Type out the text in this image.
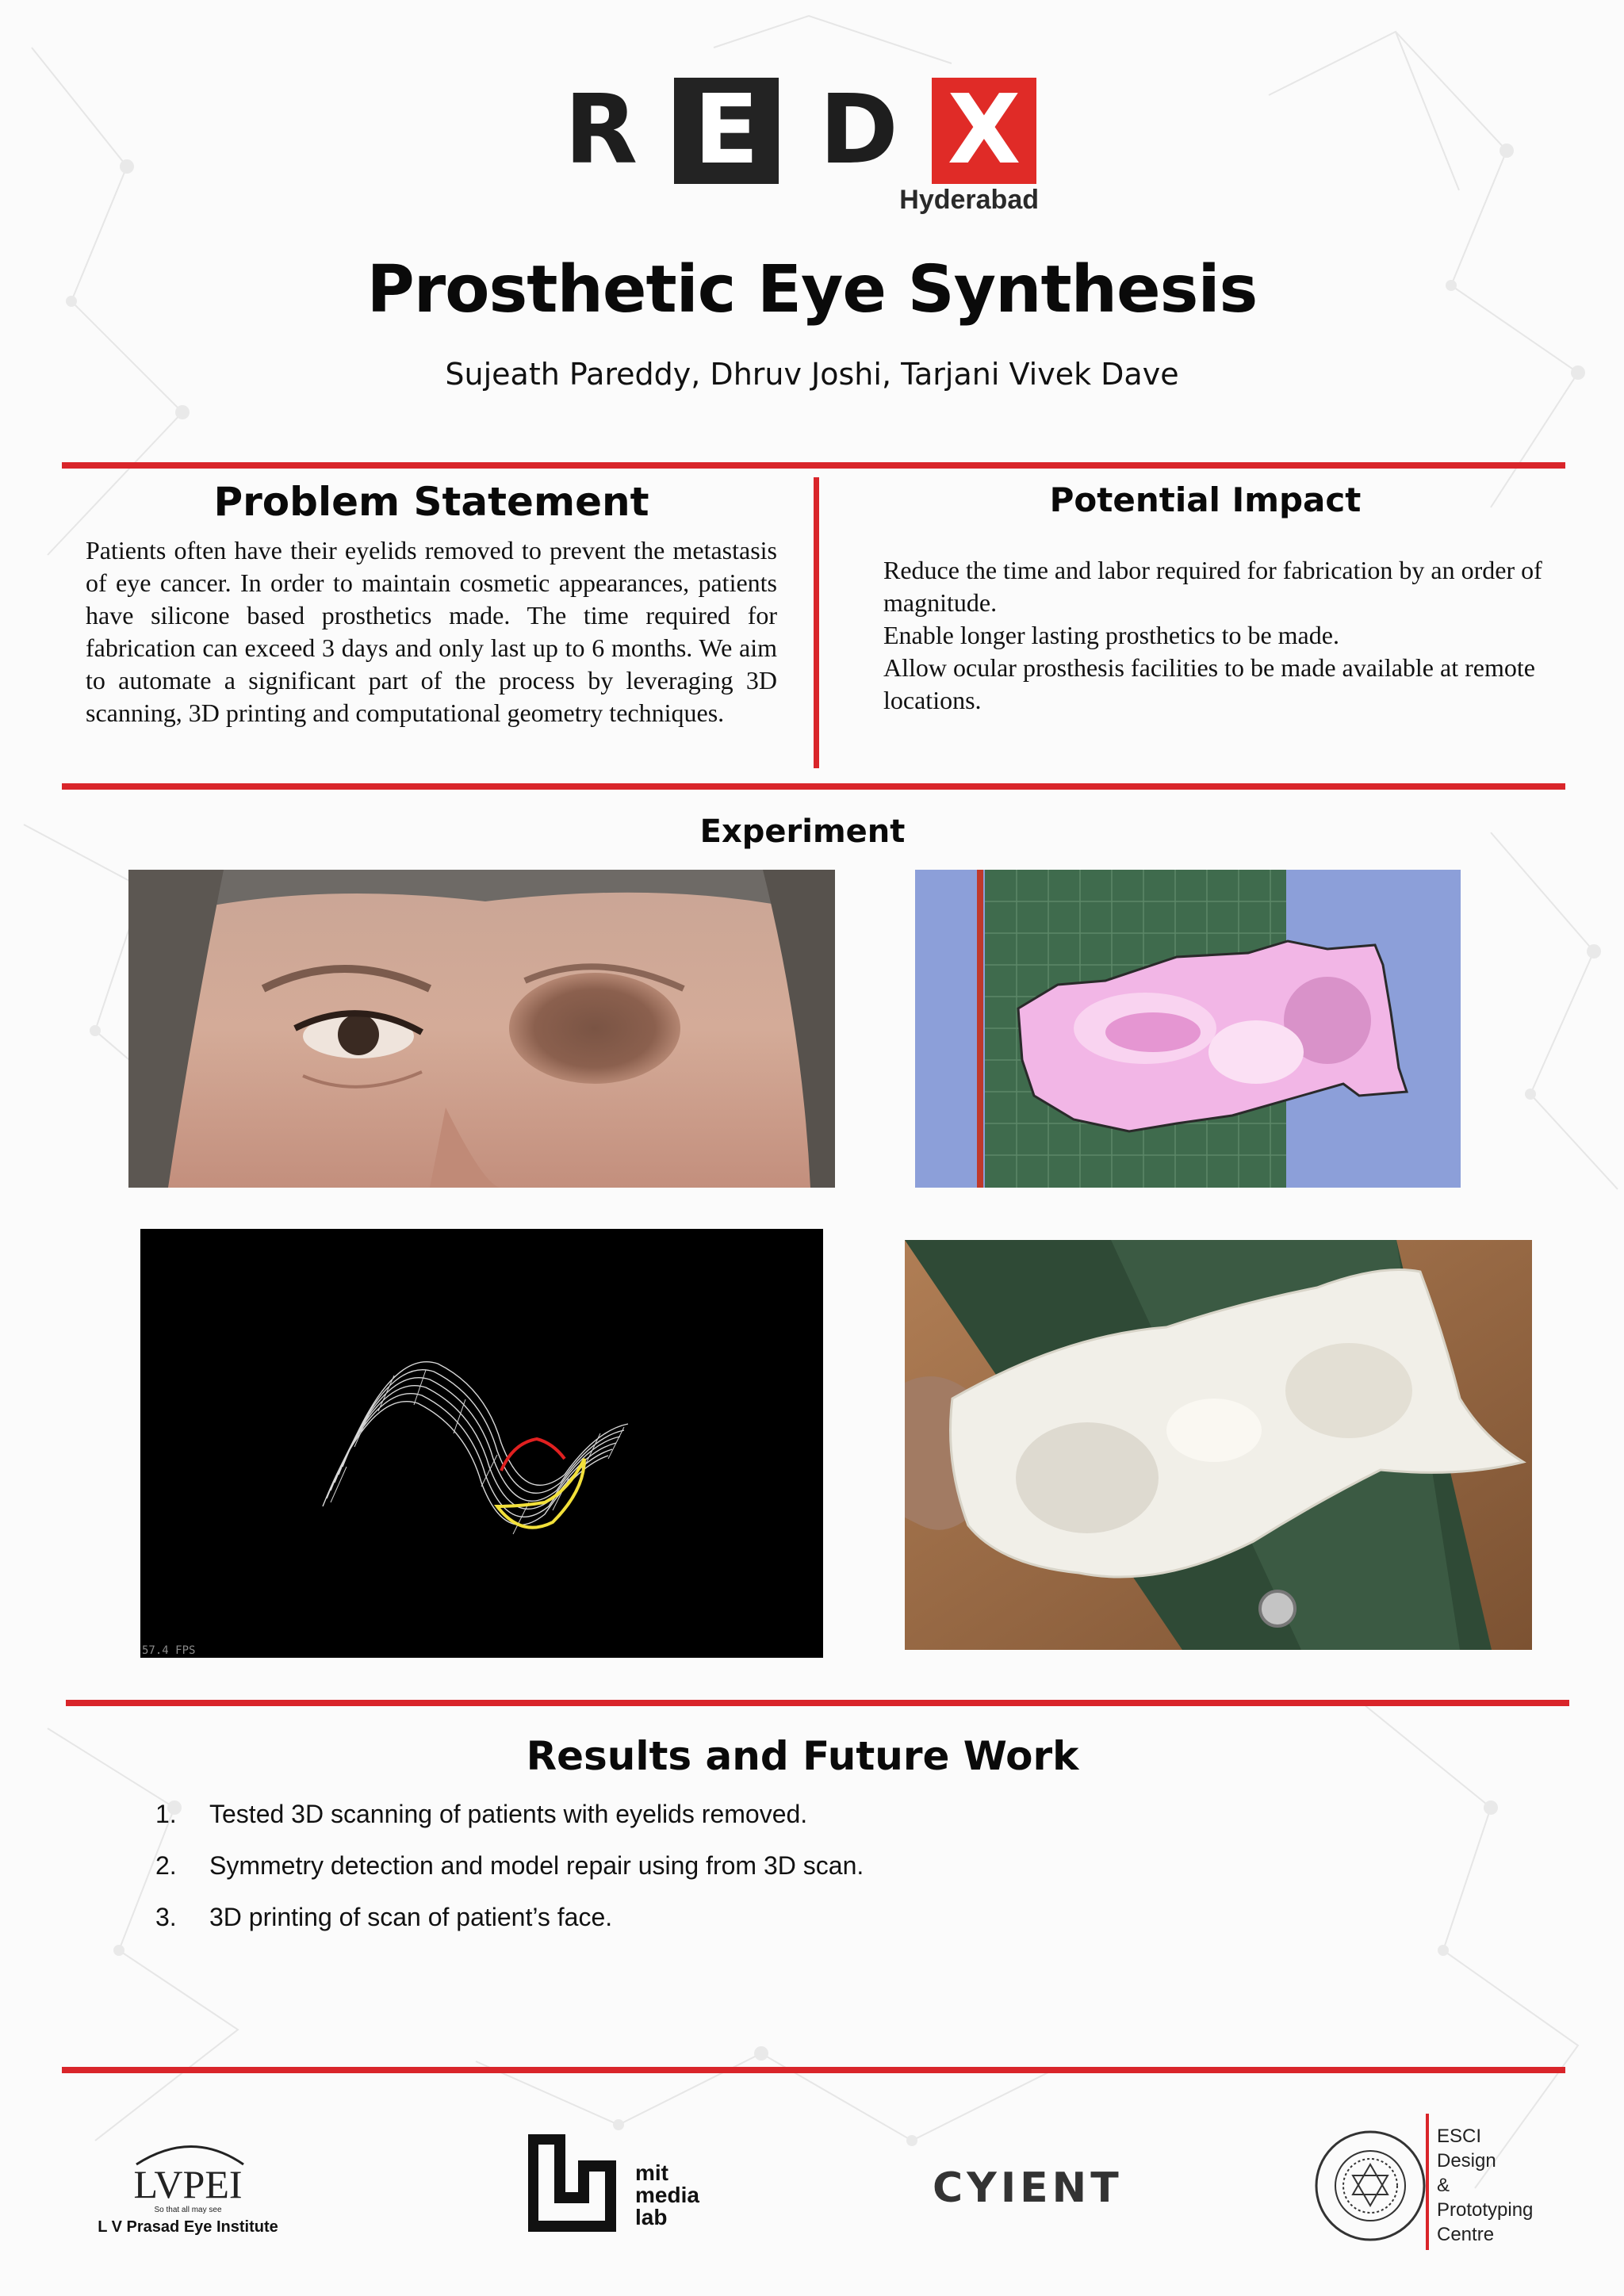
R E D X
Hyderabad
Prosthetic Eye Synthesis
Sujeath Pareddy, Dhruv Joshi, Tarjani Vivek Dave
Problem Statement
Patients often have their eyelids removed to prevent the metastasis of eye cancer. In order to maintain cosmetic appearances, patients have silicone based prosthetics made. The time required for fabrication can exceed 3 days and only last up to 6 months. We aim to automate a significant part of the process by leveraging 3D scanning, 3D printing and computational geometry techniques.
Potential Impact
Reduce the time and labor required for fabrication by an order of magnitude.
Enable longer lasting prosthetics to be made.
Allow ocular prosthesis facilities to be made available at remote locations.
Experiment
57.4 FPS
Results and Future Work
1.	Tested 3D scanning of patients with eyelids removed.
2.	Symmetry detection and model repair using from 3D scan.
3.	3D printing of scan of patient’s face.
LVPEI
So that all may see
L V Prasad Eye Institute
mit
media
lab
CYIENT
ESCI
Design
&
Prototyping
Centre
